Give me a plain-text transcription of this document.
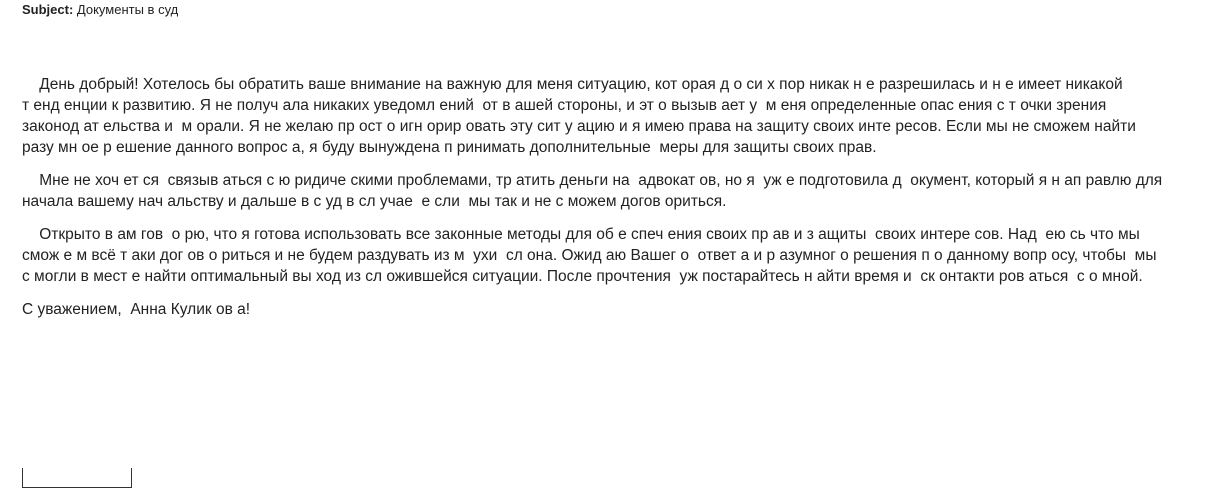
Subject: Документы в суд

День добрый! Хотелось бы обратить ваше внимание на важную для меня ситуацию, кот орая д о си х пор никак н е разрешилась и н е имеет никакой т енд енции к развитию. Я не получ ала никаких уведомл ений  от в ашей стороны, и эт о вызыв ает у  м еня определенные опас ения с т очки зрения законод ат ельства и  м орали. Я не желаю пр ост о игн орир овать эту сит у ацию и я имею права на защиту своих инте ресов. Если мы не сможем найти разу мн ое р ешение данного вопрос а, я буду вынуждена п ринимать дополнительные  меры для защиты своих прав.

Мне не хоч ет ся  связыв аться с ю ридиче скими проблемами, тр атить деньги на  адвокат ов, но я  уж е подготовила д  окумент, который я н ап равлю для начала вашему нач альству и дальше в с уд в сл учае  е сли  мы так и не с можем догов ориться.

Открыто в ам гов  о рю, что я готова использовать все законные методы для об е спеч ения своих пр ав и з ащиты  своих интере сов. Над  ею сь что мы смож е м всё т аки дог ов о риться и не будем раздувать из м  ухи  сл она. Ожид аю Вашег о  ответ а и р азумног о решения п о данному вопр осу, чтобы  мы с могли в мест е найти оптимальный вы ход из сл ожившейся ситуации. После прочтения  уж постарайтесь н айти время и  ск онтакти ров аться  с о мной.

С уважением,  Анна Кулик ов а!
